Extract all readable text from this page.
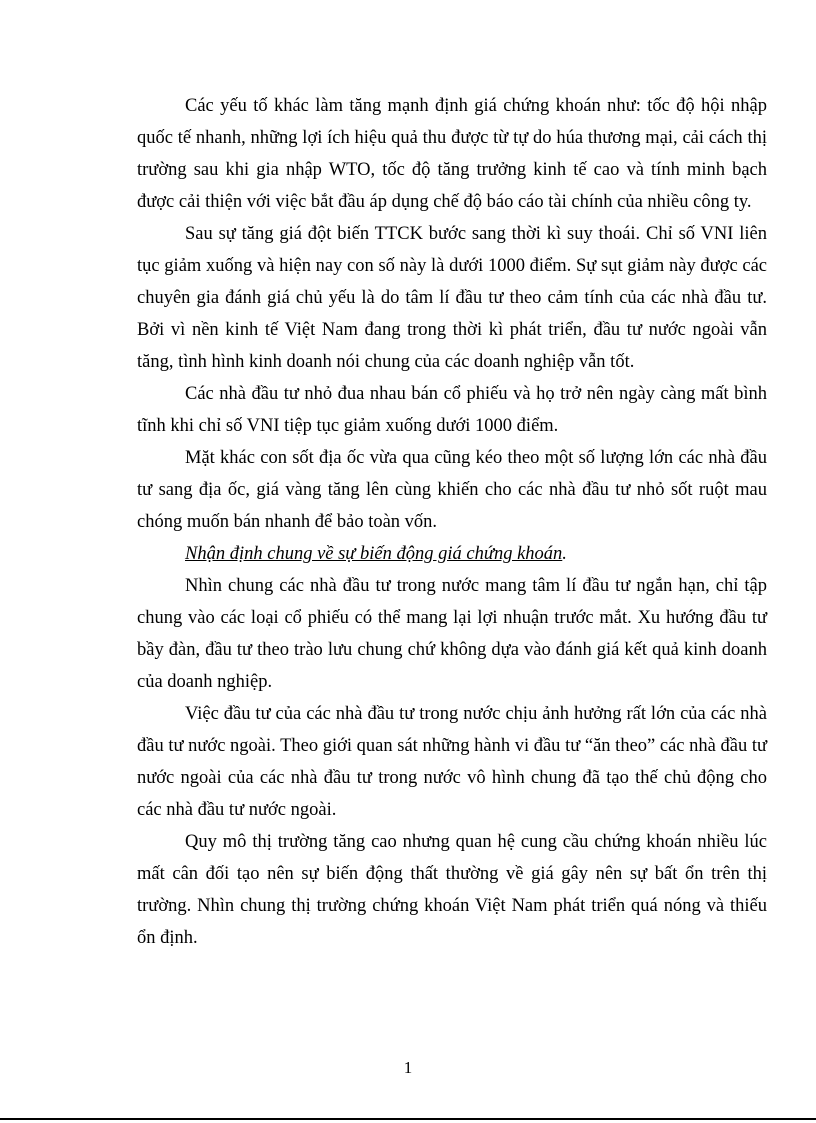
Các yếu tố khác làm tăng mạnh định giá chứng khoán như: tốc độ hội nhập quốc tế nhanh, những lợi ích hiệu quả thu được từ tự do húa thương mại, cải cách thị trường sau khi gia nhập WTO, tốc độ tăng trưởng kinh tế cao và tính minh bạch được cải thiện với việc bắt đầu áp dụng chế độ báo cáo tài chính của nhiều công ty.

Sau sự tăng giá đột biến TTCK bước sang thời kì suy thoái. Chỉ số VNI liên tục giảm xuống và hiện nay con số này là dưới 1000 điểm. Sự sụt giảm này được các chuyên gia đánh giá chủ yếu là do tâm lí đầu tư theo cảm tính của các nhà đầu tư. Bởi vì nền kinh tế Việt Nam đang trong thời kì phát triển, đầu tư nước ngoài vẫn tăng, tình hình kinh doanh nói chung của các doanh nghiệp vẫn tốt.

Các nhà đầu tư nhỏ đua nhau bán cổ phiếu và họ trở nên ngày càng mất bình tĩnh khi chỉ số VNI tiệp tục giảm xuống dưới 1000 điểm.

Mặt khác con sốt địa ốc vừa qua cũng kéo theo một số lượng lớn các nhà đầu tư sang địa ốc, giá vàng tăng lên cùng khiến cho các nhà đầu tư nhỏ sốt ruột mau chóng muốn bán nhanh để bảo toàn vốn.

Nhận định chung về sự biến động giá chứng khoán.

Nhìn chung các nhà đầu tư trong nước mang tâm lí đầu tư ngắn hạn, chỉ tập chung vào các loại cổ phiếu có thể mang lại lợi nhuận trước mắt. Xu hướng đầu tư bầy đàn, đầu tư theo trào lưu chung chứ không dựa vào đánh giá kết quả kinh doanh của doanh nghiệp.

Việc đầu tư của các nhà đầu tư trong nước chịu ảnh hưởng rất lớn của các nhà đầu tư nước ngoài. Theo giới quan sát những hành vi đầu tư “ăn theo” các nhà đầu tư nước ngoài của các nhà đầu tư trong nước vô hình chung đã tạo thế chủ động cho các nhà đầu tư nước ngoài.

Quy mô thị trường tăng cao nhưng quan hệ cung cầu chứng khoán nhiều lúc mất cân đối tạo nên sự biến động thất thường về giá gây nên sự bất ổn trên thị trường. Nhìn chung thị trường chứng khoán Việt Nam phát triển quá nóng và thiếu ổn định.

1
